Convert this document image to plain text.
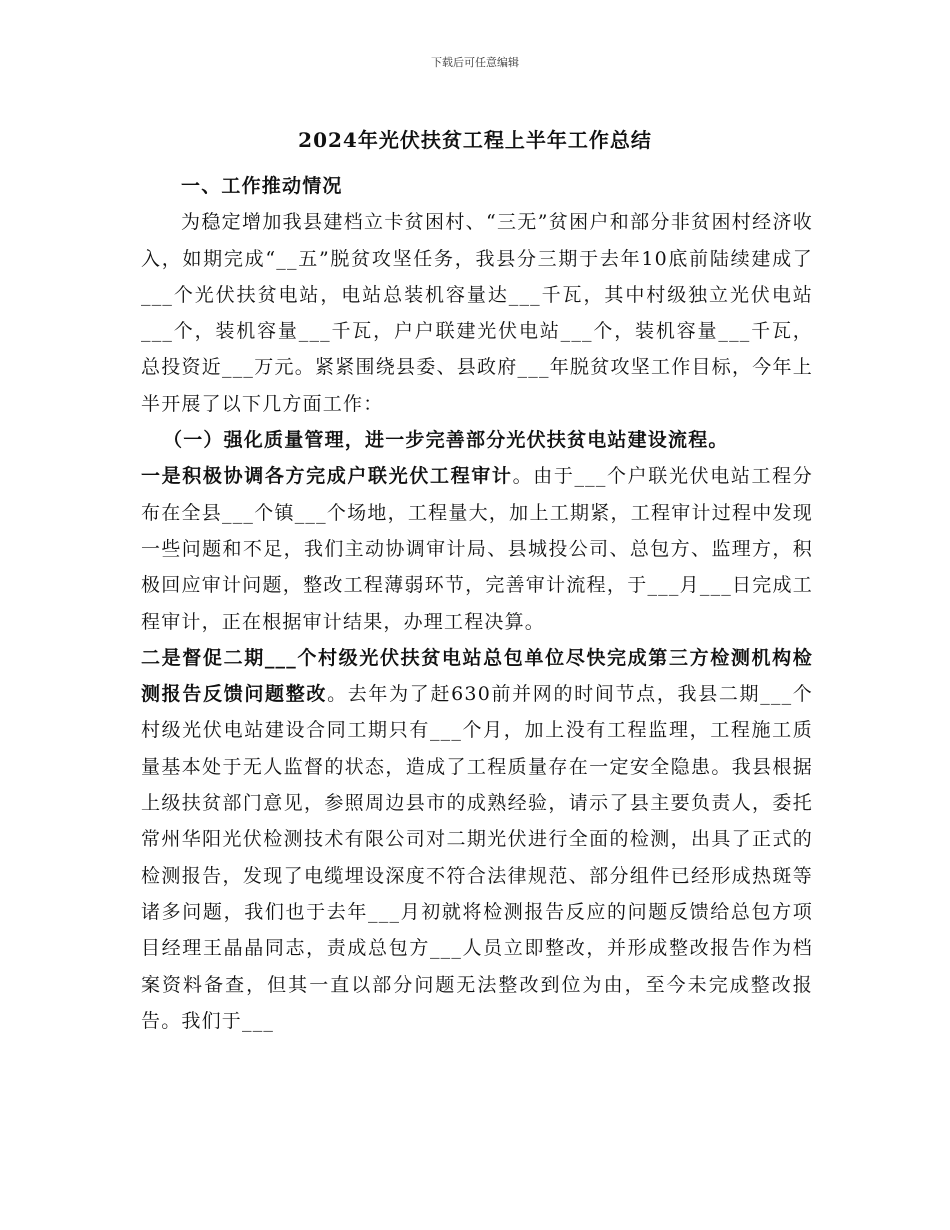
下载后可任意编辑
2024年光伏扶贫工程上半年工作总结

一、工作推动情况

为稳定增加我县建档立卡贫困村、“三无”贫困户和部分非贫困村经济收入，如期完成“__五”脱贫攻坚任务，我县分三期于去年10底前陆续建成了___个光伏扶贫电站，电站总装机容量达___千瓦，其中村级独立光伏电站___个，装机容量___千瓦，户户联建光伏电站___个，装机容量___千瓦，总投资近___万元。紧紧围绕县委、县政府___年脱贫攻坚工作目标，今年上半开展了以下几方面工作：

（一）强化质量管理，进一步完善部分光伏扶贫电站建设流程。

一是积极协调各方完成户联光伏工程审计。由于___个户联光伏电站工程分布在全县___个镇___个场地，工程量大，加上工期紧，工程审计过程中发现一些问题和不足，我们主动协调审计局、县城投公司、总包方、监理方，积极回应审计问题，整改工程薄弱环节，完善审计流程，于___月___日完成工程审计，正在根据审计结果，办理工程决算。

二是督促二期___个村级光伏扶贫电站总包单位尽快完成第三方检测机构检测报告反馈问题整改。去年为了赶630前并网的时间节点，我县二期___个村级光伏电站建设合同工期只有___个月，加上没有工程监理，工程施工质量基本处于无人监督的状态，造成了工程质量存在一定安全隐患。我县根据上级扶贫部门意见，参照周边县市的成熟经验，请示了县主要负责人，委托常州华阳光伏检测技术有限公司对二期光伏进行全面的检测，出具了正式的检测报告，发现了电缆埋设深度不符合法律规范、部分组件已经形成热斑等诸多问题，我们也于去年___月初就将检测报告反应的问题反馈给总包方项目经理王晶晶同志，责成总包方___人员立即整改，并形成整改报告作为档案资料备查，但其一直以部分问题无法整改到位为由，至今未完成整改报告。我们于___
